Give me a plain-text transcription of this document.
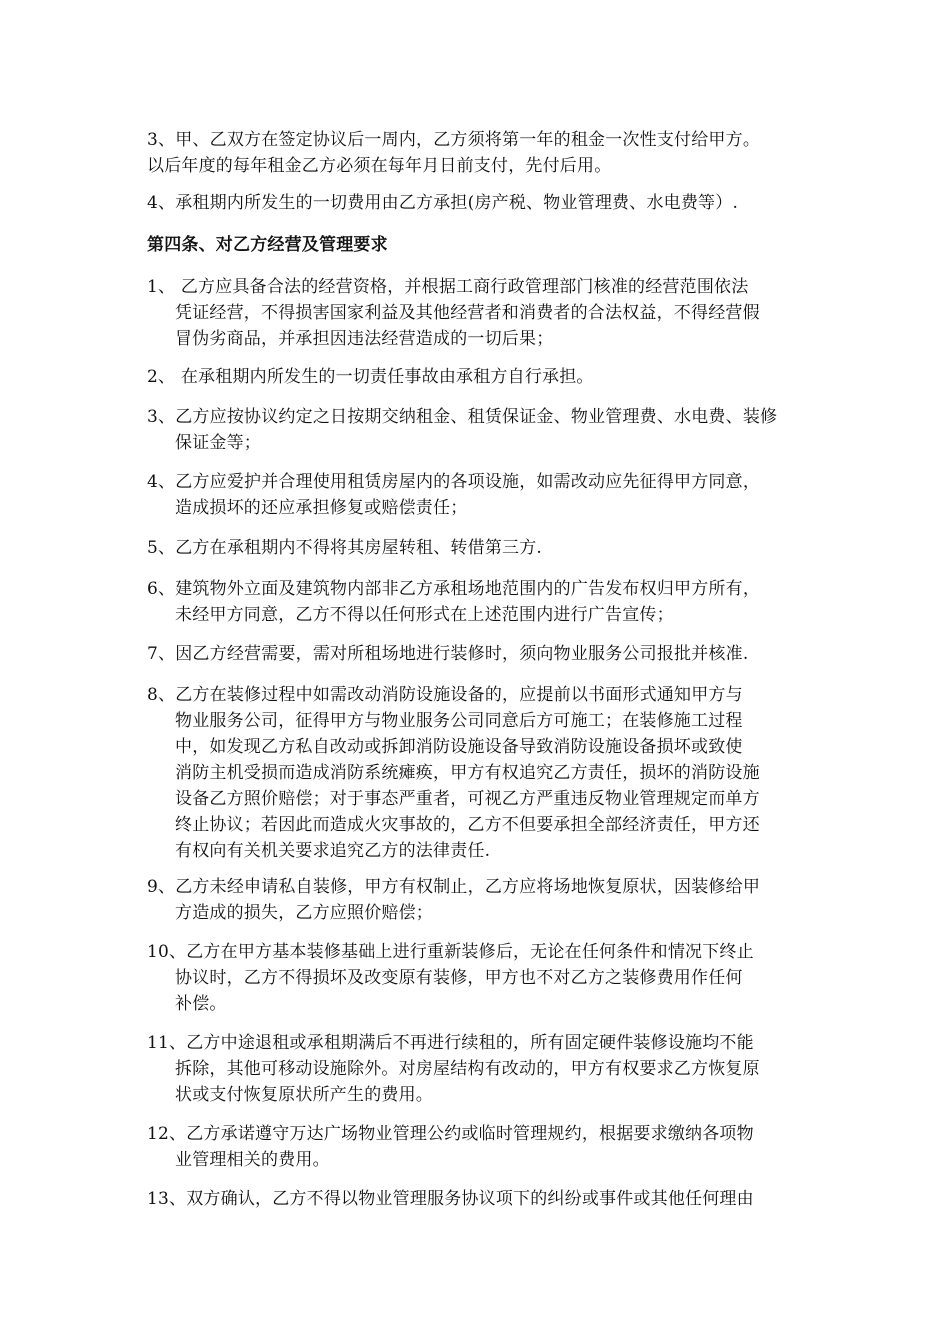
3、甲、乙双方在签定协议后一周内，乙方须将第一年的租金一次性支付给甲方。
以后年度的每年租金乙方必须在每年月日前支付，先付后用。
4、承租期内所发生的一切费用由乙方承担(房产税、物业管理费、水电费等）.
第四条、对乙方经营及管理要求
1、 乙方应具备合法的经营资格，并根据工商行政管理部门核准的经营范围依法
凭证经营，不得损害国家利益及其他经营者和消费者的合法权益，不得经营假
冒伪劣商品，并承担因违法经营造成的一切后果；
2、 在承租期内所发生的一切责任事故由承租方自行承担。
3、乙方应按协议约定之日按期交纳租金、租赁保证金、物业管理费、水电费、装修
保证金等；
4、乙方应爱护并合理使用租赁房屋内的各项设施，如需改动应先征得甲方同意，
造成损坏的还应承担修复或赔偿责任；
5、乙方在承租期内不得将其房屋转租、转借第三方.
6、建筑物外立面及建筑物内部非乙方承租场地范围内的广告发布权归甲方所有，
未经甲方同意，乙方不得以任何形式在上述范围内进行广告宣传；
7、因乙方经营需要，需对所租场地进行装修时，须向物业服务公司报批并核准.
8、乙方在装修过程中如需改动消防设施设备的，应提前以书面形式通知甲方与
物业服务公司，征得甲方与物业服务公司同意后方可施工；在装修施工过程
中，如发现乙方私自改动或拆卸消防设施设备导致消防设施设备损坏或致使
消防主机受损而造成消防系统瘫痪，甲方有权追究乙方责任，损坏的消防设施
设备乙方照价赔偿；对于事态严重者，可视乙方严重违反物业管理规定而单方
终止协议；若因此而造成火灾事故的，乙方不但要承担全部经济责任，甲方还
有权向有关机关要求追究乙方的法律责任.
9、乙方未经申请私自装修，甲方有权制止，乙方应将场地恢复原状，因装修给甲
方造成的损失，乙方应照价赔偿；
10、乙方在甲方基本装修基础上进行重新装修后，无论在任何条件和情况下终止
协议时，乙方不得损坏及改变原有装修，甲方也不对乙方之装修费用作任何
补偿。
11、乙方中途退租或承租期满后不再进行续租的，所有固定硬件装修设施均不能
拆除，其他可移动设施除外。对房屋结构有改动的，甲方有权要求乙方恢复原
状或支付恢复原状所产生的费用。
12、乙方承诺遵守万达广场物业管理公约或临时管理规约，根据要求缴纳各项物
业管理相关的费用。
13、双方确认，乙方不得以物业管理服务协议项下的纠纷或事件或其他任何理由
